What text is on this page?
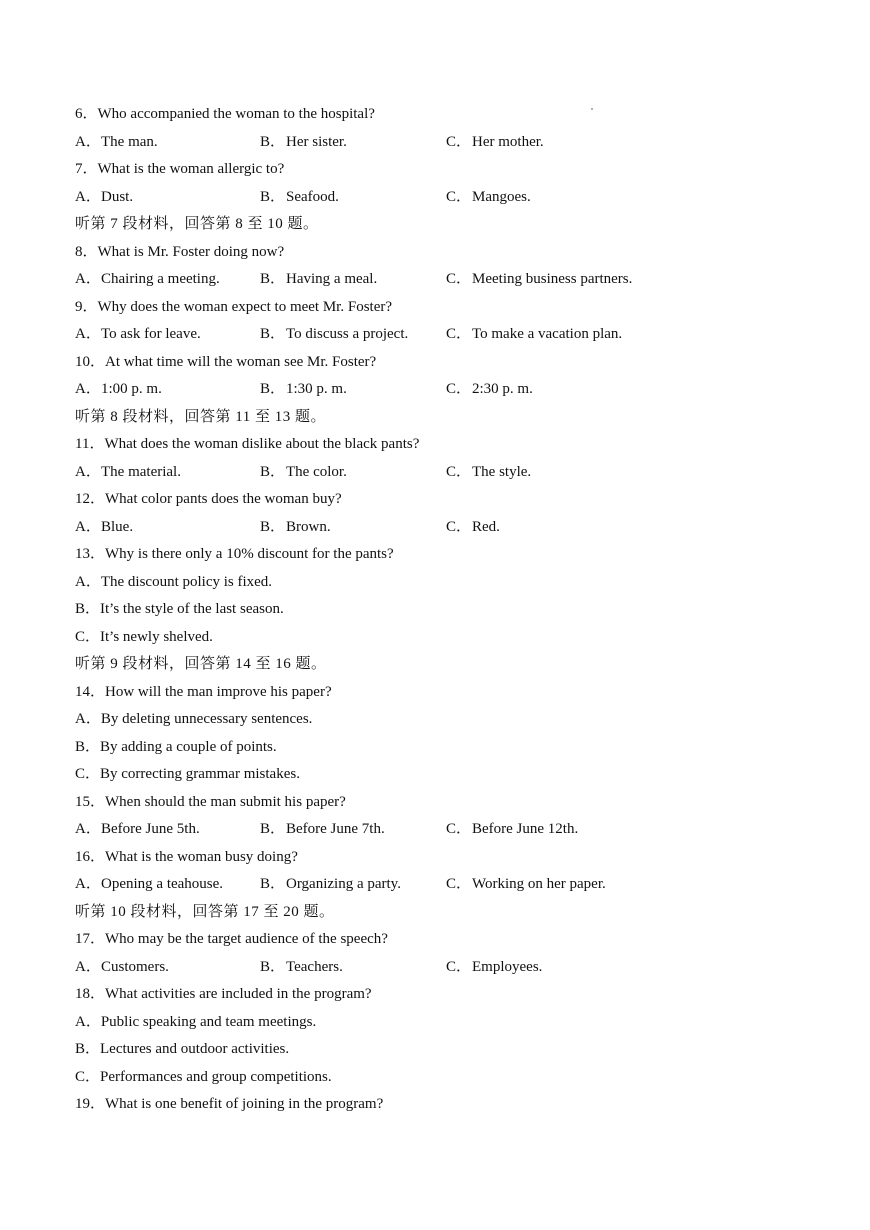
6．Who accompanied the woman to the hospital?
A．The man.	B．Her sister.	C．Her mother.
7．What is the woman allergic to?
A．Dust.	B．Seafood.	C．Mangoes.
听第 7 段材料，回答第 8 至 10 题。
8．What is Mr. Foster doing now?
A．Chairing a meeting.	B．Having a meal.	C．Meeting business partners.
9．Why does the woman expect to meet Mr. Foster?
A．To ask for leave.	B．To discuss a project.	C．To make a vacation plan.
10．At what time will the woman see Mr. Foster?
A．1:00 p. m.	B．1:30 p. m.	C．2:30 p. m.
听第 8 段材料，回答第 11 至 13 题。
11．What does the woman dislike about the black pants?
A．The material.	B．The color.	C．The style.
12．What color pants does the woman buy?
A．Blue.	B．Brown.	C．Red.
13．Why is there only a 10% discount for the pants?
A．The discount policy is fixed.
B．It’s the style of the last season.
C．It’s newly shelved.
听第 9 段材料，回答第 14 至 16 题。
14．How will the man improve his paper?
A．By deleting unnecessary sentences.
B．By adding a couple of points.
C．By correcting grammar mistakes.
15．When should the man submit his paper?
A．Before June 5th.	B．Before June 7th.	C．Before June 12th.
16．What is the woman busy doing?
A．Opening a teahouse. B．Organizing a party.	C．Working on her paper.
听第 10 段材料，回答第 17 至 20 题。
17．Who may be the target audience of the speech?
A．Customers.	B．Teachers.	C．Employees.
18．What activities are included in the program?
A．Public speaking and team meetings.
B．Lectures and outdoor activities.
C．Performances and group competitions.
19．What is one benefit of joining in the program?
